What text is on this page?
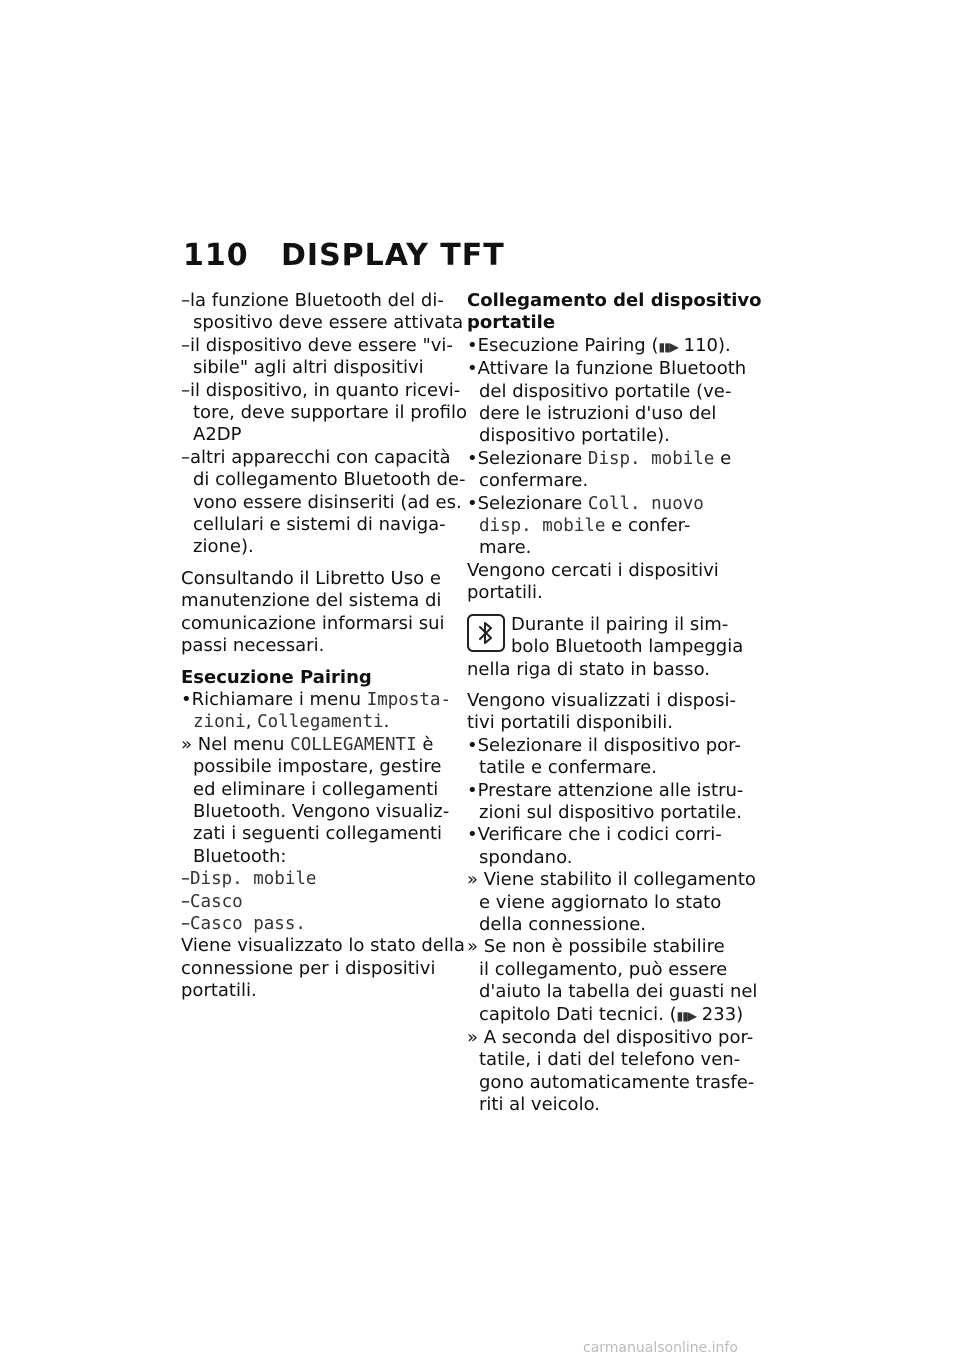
110 DISPLAY TFT
–la funzione Bluetooth del di-
spositivo deve essere attivata
–il dispositivo deve essere "vi-
sibile" agli altri dispositivi
–il dispositivo, in quanto ricevi-
tore, deve supportare il profilo
A2DP
–altri apparecchi con capacità
di collegamento Bluetooth de-
vono essere disinseriti (ad es.
cellulari e sistemi di naviga-
zione).
Consultando il Libretto Uso e
manutenzione del sistema di
comunicazione informarsi sui
passi necessari.
Esecuzione Pairing
•Richiamare i menu Imposta-
zioni, Collegamenti.
» Nel menu COLLEGAMENTI è
possibile impostare, gestire
ed eliminare i collegamenti
Bluetooth. Vengono visualiz-
zati i seguenti collegamenti
Bluetooth:
–Disp. mobile
–Casco
–Casco pass.
Viene visualizzato lo stato della
connessione per i dispositivi
portatili.
Collegamento del dispositivo
portatile
•Esecuzione Pairing (▮▮▶ 110).
•Attivare la funzione Bluetooth
del dispositivo portatile (ve-
dere le istruzioni d'uso del
dispositivo portatile).
•Selezionare Disp. mobile e
confermare.
•Selezionare Coll. nuovo
disp. mobile e confer-
mare.
Vengono cercati i dispositivi
portatili.
Durante il pairing il sim-
bolo Bluetooth lampeggia
nella riga di stato in basso.
Vengono visualizzati i disposi-
tivi portatili disponibili.
•Selezionare il dispositivo por-
tatile e confermare.
•Prestare attenzione alle istru-
zioni sul dispositivo portatile.
•Verificare che i codici corri-
spondano.
» Viene stabilito il collegamento
e viene aggiornato lo stato
della connessione.
» Se non è possibile stabilire
il collegamento, può essere
d'aiuto la tabella dei guasti nel
capitolo Dati tecnici. (▮▮▶ 233)
» A seconda del dispositivo por-
tatile, i dati del telefono ven-
gono automaticamente trasfe-
riti al veicolo.
carmanualsonline.info
